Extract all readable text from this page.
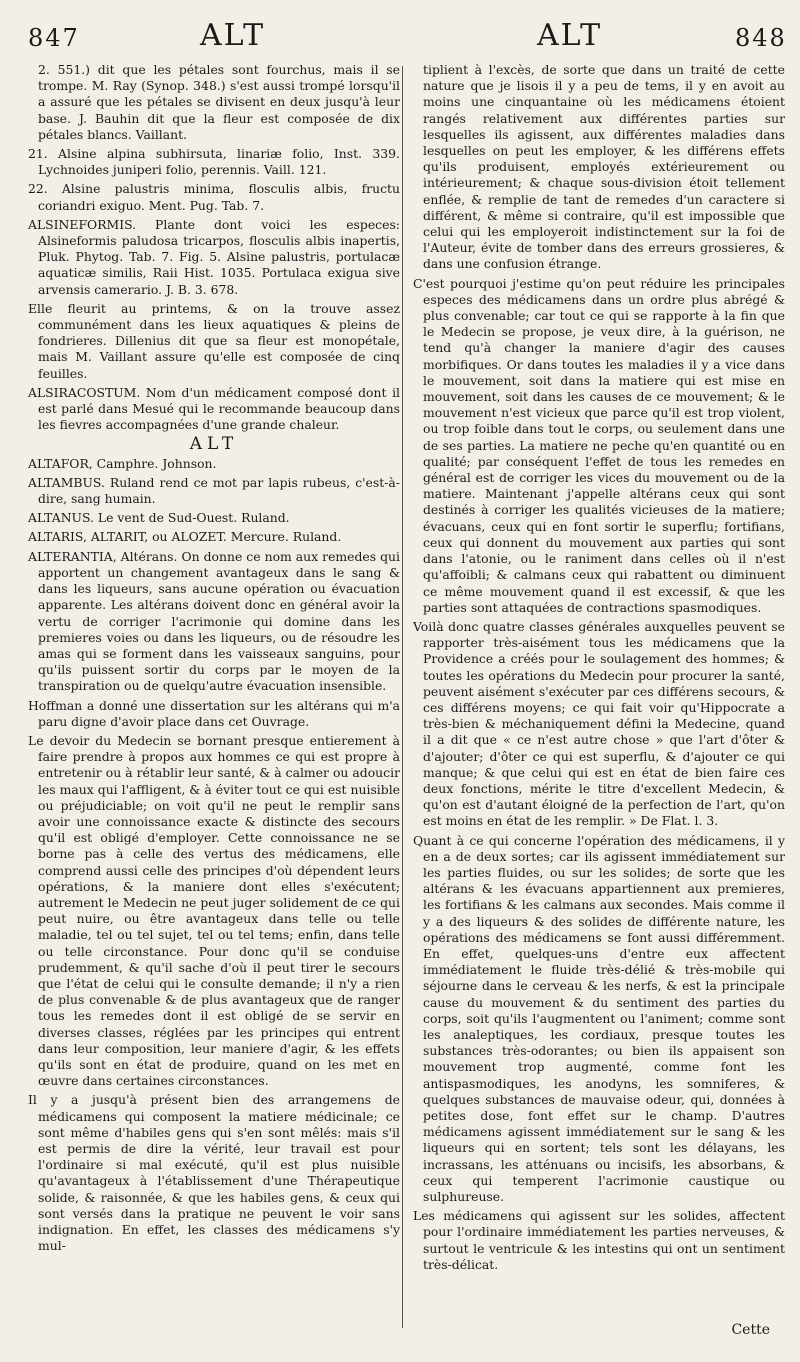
847	ALT	ALT	848

2. 551.) dit que les pétales sont fourchus, mais il se trompe. M. Ray (Synop. 348.) s'est aussi trompé lorsqu'il a assuré que les pétales se divisent en deux jusqu'à leur base. J. Bauhin dit que la fleur est composée de dix pétales blancs. Vaillant.

21. Alsine alpina subhirsuta, linariæ folio, Inst. 339. Lychnoides juniperi folio, perennis. Vaill. 121.

22. Alsine palustris minima, flosculis albis, fructu coriandri exiguo. Ment. Pug. Tab. 7.

ALSINEFORMIS. Plante dont voici les especes: Alsineformis paludosa tricarpos, flosculis albis inapertis, Pluk. Phytog. Tab. 7. Fig. 5. Alsine palustris, portulacæ aquaticæ similis, Raii Hist. 1035. Portulaca exigua sive arvensis camerario. J. B. 3. 678.

Elle fleurit au printems, & on la trouve assez communément dans les lieux aquatiques & pleins de fondrieres. Dillenius dit que sa fleur est monopétale, mais M. Vaillant assure qu'elle est composée de cinq feuilles.

ALSIRACOSTUM. Nom d'un médicament composé dont il est parlé dans Mesué qui le recommande beaucoup dans les fievres accompagnées d'une grande chaleur.

ALT

ALTAFOR, Camphre. Johnson.

ALTAMBUS. Ruland rend ce mot par lapis rubeus, c'est-à-dire, sang humain.

ALTANUS. Le vent de Sud-Ouest. Ruland.

ALTARIS, ALTARIT, ou ALOZET. Mercure. Ruland.

ALTERANTIA, Altérans. On donne ce nom aux remedes qui apportent un changement avantageux dans le sang & dans les liqueurs, sans aucune opération ou évacuation apparente. Les altérans doivent donc en général avoir la vertu de corriger l'acrimonie qui domine dans les premieres voies ou dans les liqueurs, ou de résoudre les amas qui se forment dans les vaisseaux sanguins, pour qu'ils puissent sortir du corps par le moyen de la transpiration ou de quelqu'autre évacuation insensible.

Hoffman a donné une dissertation sur les altérans qui m'a paru digne d'avoir place dans cet Ouvrage.

Le devoir du Medecin se bornant presque entierement à faire prendre à propos aux hommes ce qui est propre à entretenir ou à rétablir leur santé, & à calmer ou adoucir les maux qui l'affligent, & à éviter tout ce qui est nuisible ou préjudiciable; on voit qu'il ne peut le remplir sans avoir une connoissance exacte & distincte des secours qu'il est obligé d'employer. Cette connoissance ne se borne pas à celle des vertus des médicamens, elle comprend aussi celle des principes d'où dépendent leurs opérations, & la maniere dont elles s'exécutent; autrement le Medecin ne peut juger solidement de ce qui peut nuire, ou être avantageux dans telle ou telle maladie, tel ou tel sujet, tel ou tel tems; enfin, dans telle ou telle circonstance. Pour donc qu'il se conduise prudemment, & qu'il sache d'où il peut tirer le secours que l'état de celui qui le consulte demande; il n'y a rien de plus convenable & de plus avantageux que de ranger tous les remedes dont il est obligé de se servir en diverses classes, réglées par les principes qui entrent dans leur composition, leur maniere d'agir, & les effets qu'ils sont en état de produire, quand on les met en œuvre dans certaines circonstances.

Il y a jusqu'à présent bien des arrangemens de médicamens qui composent la matiere médicinale; ce sont même d'habiles gens qui s'en sont mêlés: mais s'il est permis de dire la vérité, leur travail est pour l'ordinaire si mal exécuté, qu'il est plus nuisible qu'avantageux à l'établissement d'une Thérapeutique solide, & raisonnée, & que les habiles gens, & ceux qui sont versés dans la pratique ne peuvent le voir sans indignation. En effet, les classes des médicamens s'y mul-

tiplient à l'excès, de sorte que dans un traité de cette nature que je lisois il y a peu de tems, il y en avoit au moins une cinquantaine où les médicamens étoient rangés relativement aux différentes parties sur lesquelles ils agissent, aux différentes maladies dans lesquelles on peut les employer, & les différens effets qu'ils produisent, employés extérieurement ou intérieurement; & chaque sous-division étoit tellement enflée, & remplie de tant de remedes d'un caractere si différent, & même si contraire, qu'il est impossible que celui qui les employeroit indistinctement sur la foi de l'Auteur, évite de tomber dans des erreurs grossieres, & dans une confusion étrange.

C'est pourquoi j'estime qu'on peut réduire les principales especes des médicamens dans un ordre plus abrégé & plus convenable; car tout ce qui se rapporte à la fin que le Medecin se propose, je veux dire, à la guérison, ne tend qu'à changer la maniere d'agir des causes morbifiques. Or dans toutes les maladies il y a vice dans le mouvement, soit dans la matiere qui est mise en mouvement, soit dans les causes de ce mouvement; & le mouvement n'est vicieux que parce qu'il est trop violent, ou trop foible dans tout le corps, ou seulement dans une de ses parties. La matiere ne peche qu'en quantité ou en qualité; par conséquent l'effet de tous les remedes en général est de corriger les vices du mouvement ou de la matiere. Maintenant j'appelle altérans ceux qui sont destinés à corriger les qualités vicieuses de la matiere; évacuans, ceux qui en font sortir le superflu; fortifians, ceux qui donnent du mouvement aux parties qui sont dans l'atonie, ou le raniment dans celles où il n'est qu'affoibli; & calmans ceux qui rabattent ou diminuent ce même mouvement quand il est excessif, & que les parties sont attaquées de contractions spasmodiques.

Voilà donc quatre classes générales auxquelles peuvent se rapporter très-aisément tous les médicamens que la Providence a créés pour le soulagement des hommes; & toutes les opérations du Medecin pour procurer la santé, peuvent aisément s'exécuter par ces différens secours, & ces différens moyens; ce qui fait voir qu'Hippocrate a très-bien & méchaniquement défini la Medecine, quand il a dit que « ce n'est autre chose » que l'art d'ôter & d'ajouter; d'ôter ce qui est superflu, & d'ajouter ce qui manque; & que celui qui est en état de bien faire ces deux fonctions, mérite le titre d'excellent Medecin, & qu'on est d'autant éloigné de la perfection de l'art, qu'on est moins en état de les remplir. » De Flat. l. 3.

Quant à ce qui concerne l'opération des médicamens, il y en a de deux sortes; car ils agissent immédiatement sur les parties fluides, ou sur les solides; de sorte que les altérans & les évacuans appartiennent aux premieres, les fortifians & les calmans aux secondes. Mais comme il y a des liqueurs & des solides de différente nature, les opérations des médicamens se font aussi différemment. En effet, quelques-uns d'entre eux affectent immédiatement le fluide très-délié & très-mobile qui séjourne dans le cerveau & les nerfs, & est la principale cause du mouvement & du sentiment des parties du corps, soit qu'ils l'augmentent ou l'animent; comme sont les analeptiques, les cordiaux, presque toutes les substances très-odorantes; ou bien ils appaisent son mouvement trop augmenté, comme font les antispasmodiques, les anodyns, les somniferes, & quelques substances de mauvaise odeur, qui, données à petites dose, font effet sur le champ. D'autres médicamens agissent immédiatement sur le sang & les liqueurs qui en sortent; tels sont les délayans, les incrassans, les atténuans ou incisifs, les absorbans, & ceux qui temperent l'acrimonie caustique ou sulphureuse.

Les médicamens qui agissent sur les solides, affectent pour l'ordinaire immédiatement les parties nerveuses, & surtout le ventricule & les intestins qui ont un sentiment très-délicat.

Cette
